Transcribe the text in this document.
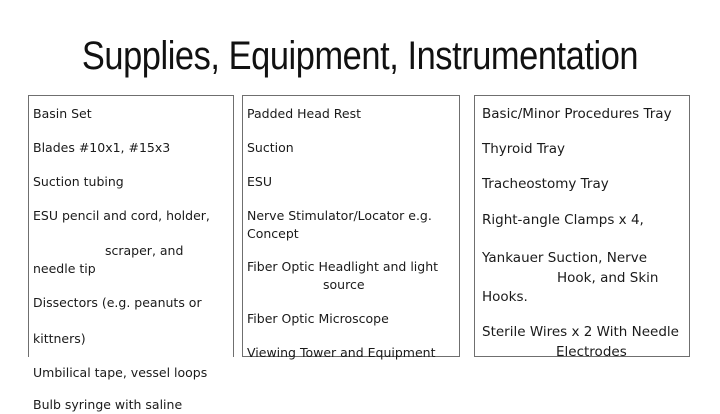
Supplies, Equipment, Instrumentation
Basin Set
Blades #10x1, #15x3
Suction tubing
ESU pencil and cord, holder,
scraper, and
needle tip
Dissectors (e.g. peanuts or
kittners)
Umbilical tape, vessel loops
Bulb syringe with saline
Padded Head Rest
Suction
ESU
Nerve Stimulator/Locator e.g.
Concept
Fiber Optic Headlight and light
source
Fiber Optic Microscope
Viewing Tower and Equipment
Basic/Minor Procedures Tray
Thyroid Tray
Tracheostomy Tray
Right-angle Clamps x 4,
Yankauer Suction, Nerve
Hook, and Skin
Hooks.
Sterile Wires x 2 With Needle
Electrodes
